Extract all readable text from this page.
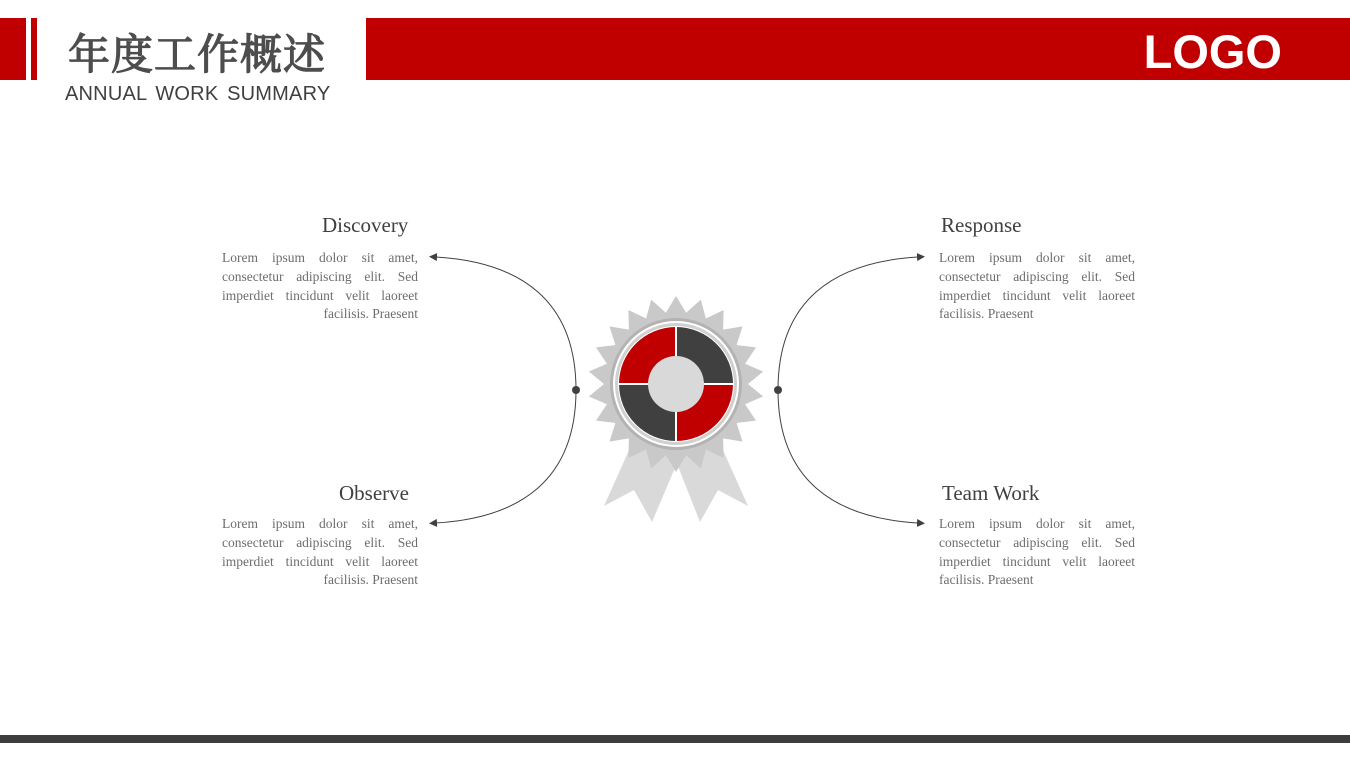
年度工作概述
ANNUAL WORK SUMMARY
LOGO
Discovery
Lorem ipsum dolor sit amet, consectetur adipiscing elit. Sed imperdiet tincidunt velit laoreet facilisis. Praesent
Observe
Lorem ipsum dolor sit amet, consectetur adipiscing elit. Sed imperdiet tincidunt velit laoreet facilisis. Praesent
Response
Lorem ipsum dolor sit amet, consectetur adipiscing elit. Sed imperdiet tincidunt velit laoreet facilisis. Praesent
Team Work
Lorem ipsum dolor sit amet, consectetur adipiscing elit. Sed imperdiet tincidunt velit laoreet facilisis. Praesent
